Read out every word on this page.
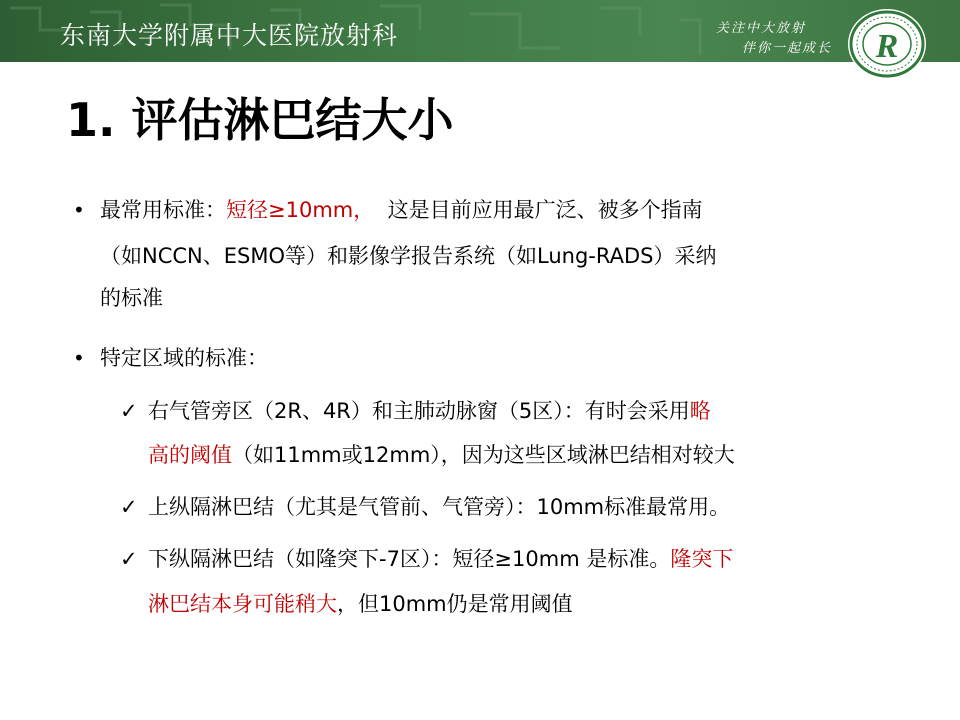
东南大学附属中大医院放射科	关注中大放射
伴你一起成长 R
1. 评估淋巴结大小
• 最常用标准：短径≥10mm，  这是目前应用最广泛、被多个指南
（如NCCN、ESMO等）和影像学报告系统（如Lung-RADS）采纳
的标准
• 特定区域的标准：
✓ 右气管旁区（2R、4R）和主肺动脉窗（5区）：有时会采用略
高的阈值（如11mm或12mm），因为这些区域淋巴结相对较大
✓ 上纵隔淋巴结（尤其是气管前、气管旁）：10mm标准最常用。
✓ 下纵隔淋巴结（如隆突下-7区）：短径≥10mm 是标准。隆突下
淋巴结本身可能稍大，但10mm仍是常用阈值
